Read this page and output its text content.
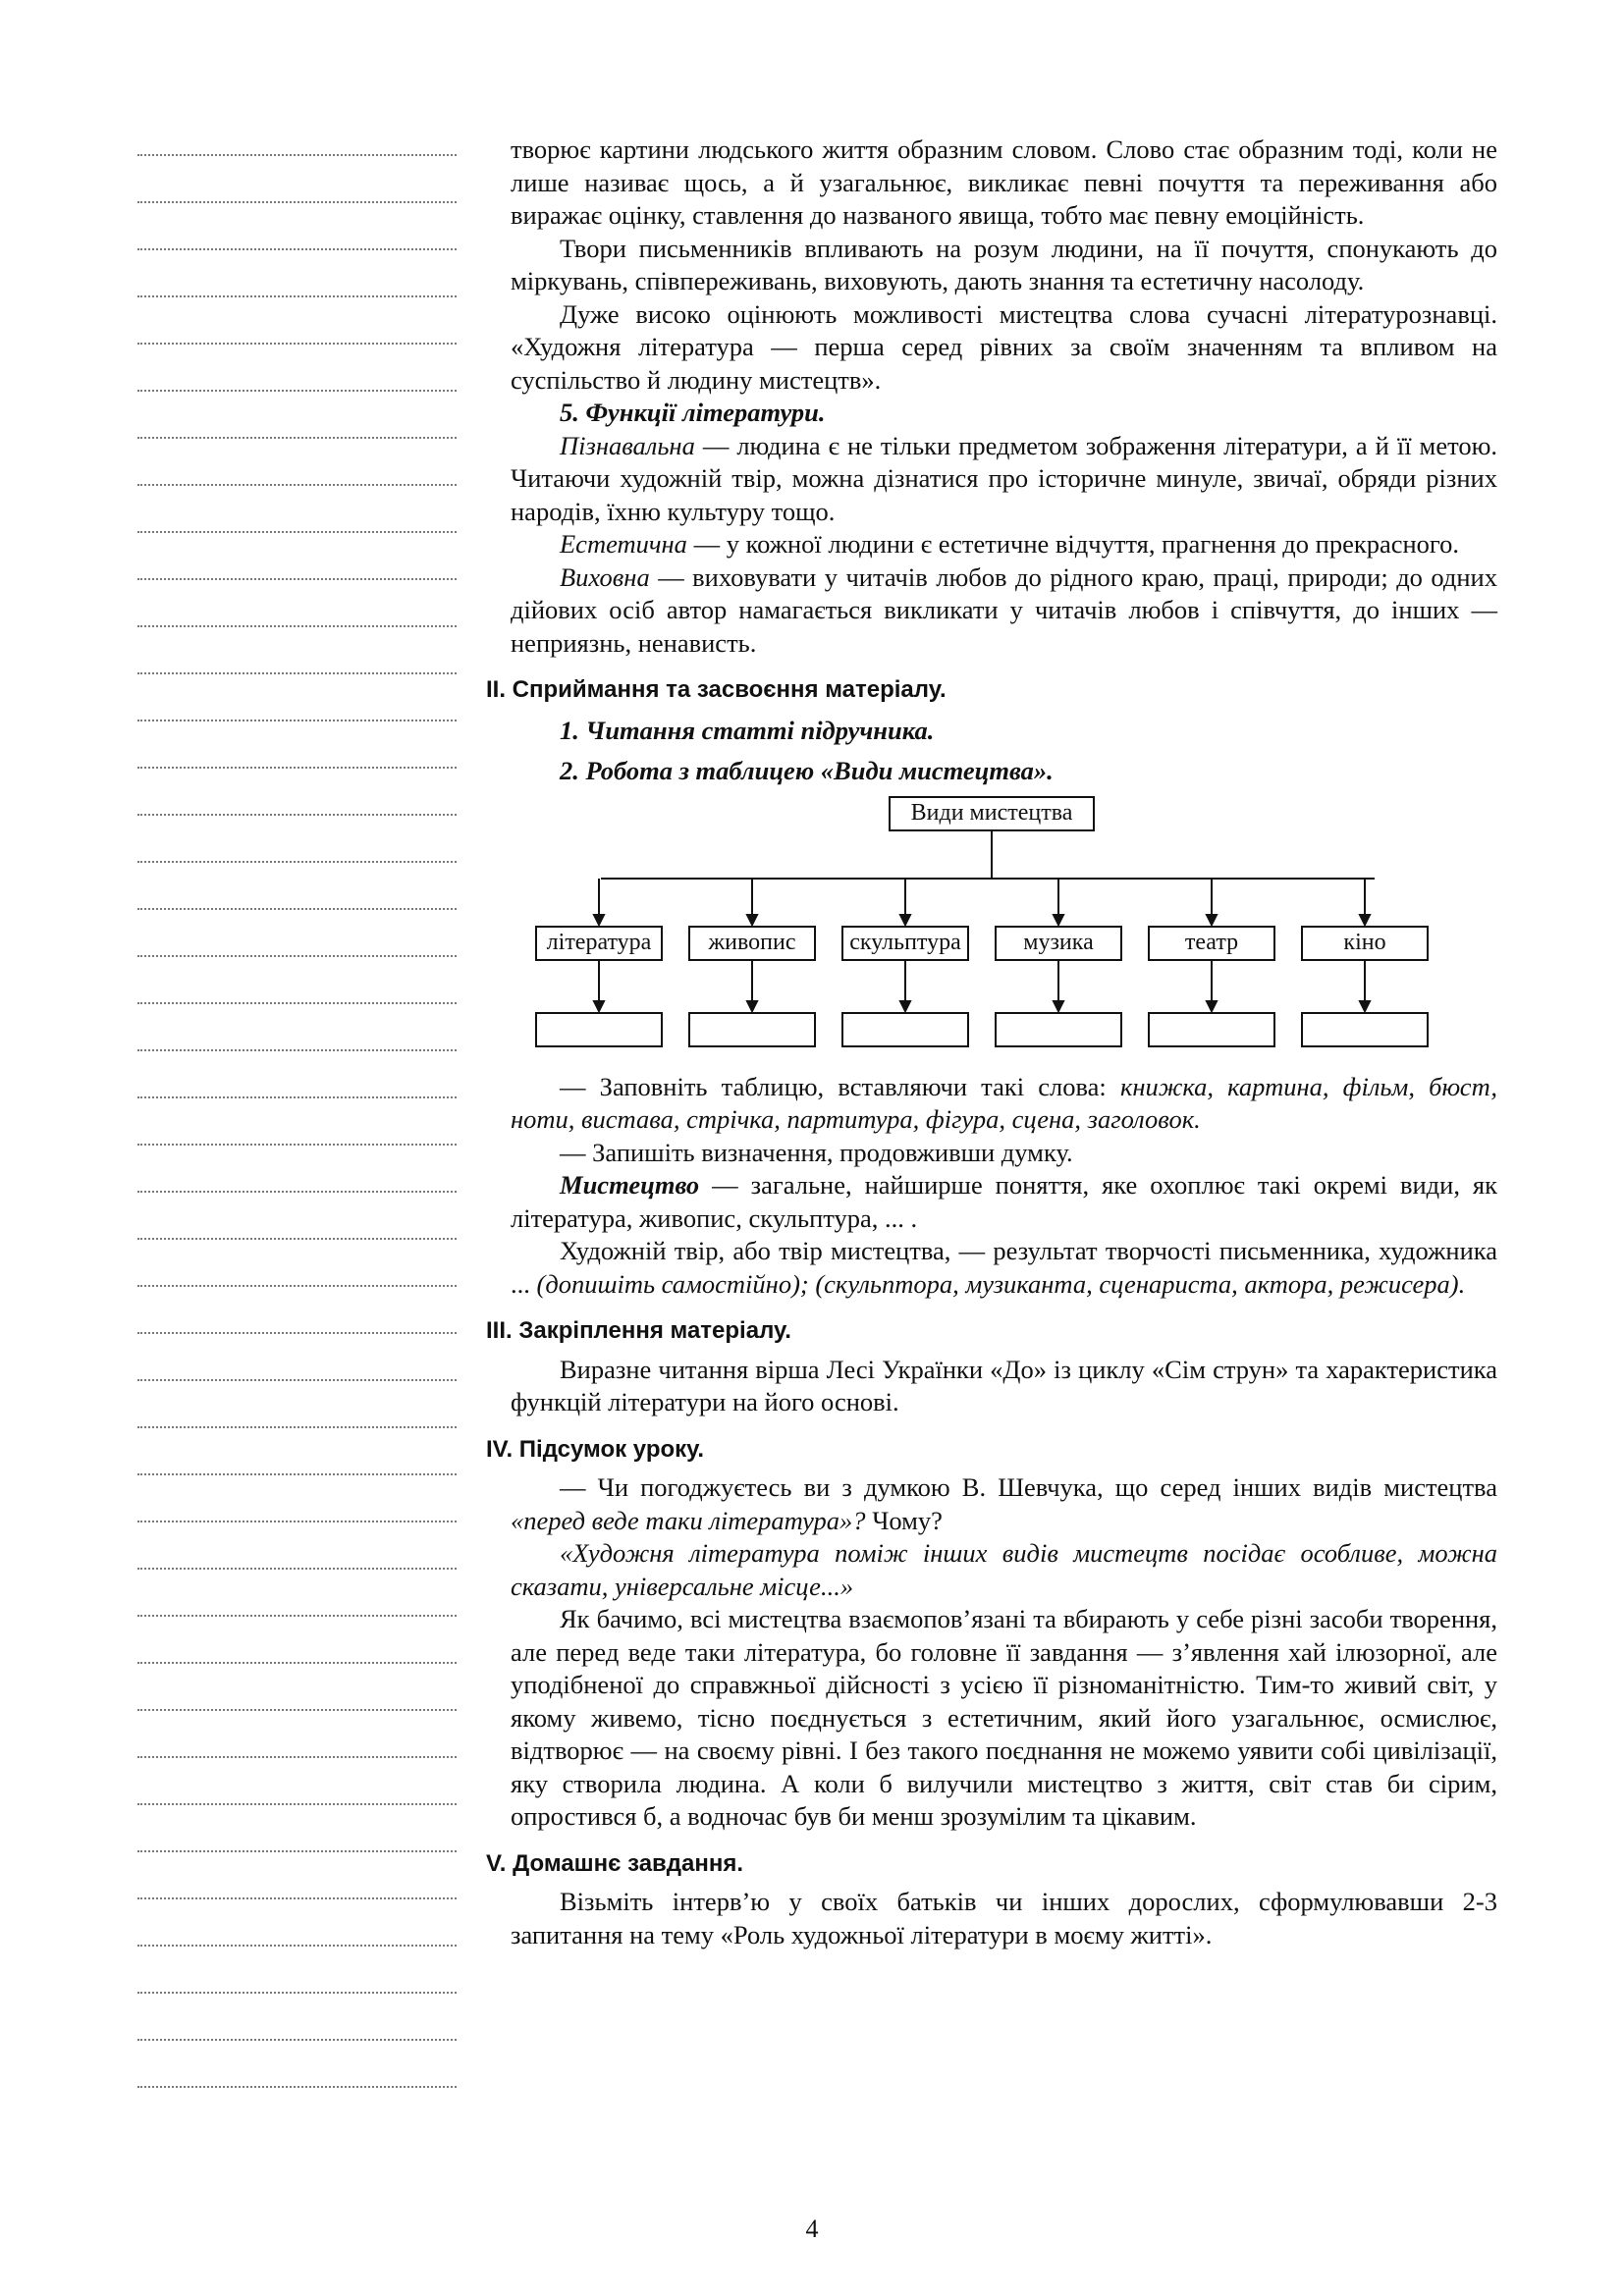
творює картини людського життя образним словом. Слово стає образним тоді, коли не лише називає щось, а й узагальнює, викликає певні почуття та переживання або виражає оцінку, ставлення до названого явища, тобто має певну емоційність.

Твори письменників впливають на розум людини, на її почуття, спонукають до міркувань, співпереживань, виховують, дають знання та естетичну насолоду.

Дуже високо оцінюють можливості мистецтва слова сучасні літературознавці. «Художня література — перша серед рівних за своїм значенням та впливом на суспільство й людину мистецтв».

5. Функції літератури.

Пізнавальна — людина є не тільки предметом зображення літератури, а й її метою. Читаючи художній твір, можна дізнатися про історичне минуле, звичаї, обряди різних народів, їхню культуру тощо.

Естетична — у кожної людини є естетичне відчуття, прагнення до прекрасного.

Виховна — виховувати у читачів любов до рідного краю, праці, природи; до одних дійових осіб автор намагається викликати у читачів любов і співчуття, до інших — неприязнь, ненависть.

II. Сприймання та засвоєння матеріалу.

1. Читання статті підручника.

2. Робота з таблицею «Види мистецтва».

Види мистецтва
література	живопис	скульптура	музика	театр	кіно

— Заповніть таблицю, вставляючи такі слова: книжка, картина, фільм, бюст, ноти, вистава, стрічка, партитура, фігура, сцена, заголовок.

— Запишіть визначення, продовживши думку.

Мистецтво — загальне, найширше поняття, яке охоплює такі окремі види, як література, живопис, скульптура, ... .

Художній твір, або твір мистецтва, — результат творчості письменника, художника ... (допишіть самостійно); (скульптора, музиканта, сценариста, актора, режисера).

III. Закріплення матеріалу.

Виразне читання вірша Лесі Українки «До» із циклу «Сім струн» та характеристика функцій літератури на його основі.

IV. Підсумок уроку.

— Чи погоджуєтесь ви з думкою В. Шевчука, що серед інших видів мистецтва «перед веде таки література»? Чому?

«Художня література поміж інших видів мистецтв посідає особливе, можна сказати, універсальне місце...»

Як бачимо, всі мистецтва взаємопов’язані та вбирають у себе різні засоби творення, але перед веде таки література, бо головне її завдання — з’явлення хай ілюзорної, але уподібненої до справжньої дійсності з усією її різноманітністю. Тим-то живий світ, у якому живемо, тісно поєднується з естетичним, який його узагальнює, осмислює, відтворює — на своєму рівні. І без такого поєднання не можемо уявити собі цивілізації, яку створила людина. А коли б вилучили мистецтво з життя, світ став би сірим, опростився б, а водночас був би менш зрозумілим та цікавим.

V. Домашнє завдання.

Візьміть інтерв’ю у своїх батьків чи інших дорослих, сформулювавши 2-3 запитання на тему «Роль художньої літератури в моєму житті».

4
